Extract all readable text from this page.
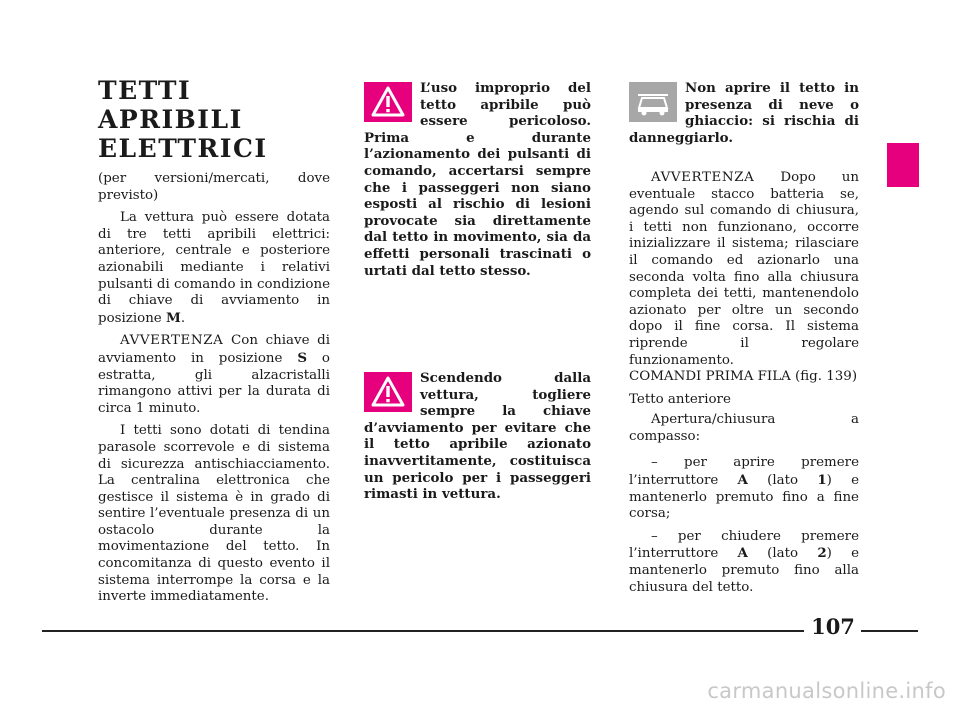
TETTI APRIBILI
ELETTRICI

(per versioni/mercati, dove previsto)

La vettura può essere dotata di tre tetti apribili elettrici: anteriore, centrale e posteriore azionabili mediante i relativi pulsanti di comando in condizione di chiave di avviamento in posizione M.

AVVERTENZA Con chiave di avviamento in posizione S o estratta, gli alzacristalli rimangono attivi per la durata di circa 1 minuto.

I tetti sono dotati di tendina parasole scorrevole e di sistema di sicurezza antischiacciamento. La centralina elettronica che gestisce il sistema è in grado di sentire l’eventuale presenza di un ostacolo durante la movimentazione del tetto. In concomitanza di questo evento il sistema interrompe la corsa e la inverte immediatamente.

L’uso improprio del tetto apribile può essere pericoloso. Prima e durante l’azionamento dei pulsanti di comando, accertarsi sempre che i passeggeri non siano esposti al rischio di lesioni provocate sia direttamente dal tetto in movimento, sia da effetti personali trascinati o urtati dal tetto stesso.
Scendendo dalla vettura, togliere sempre la chiave d’avviamento per evitare che il tetto apribile azionato inavvertitamente, costituisca un pericolo per i passeggeri rimasti in vettura.
Non aprire il tetto in presenza di neve o ghiaccio: si rischia di danneggiarlo.

AVVERTENZA Dopo un eventuale stacco batteria se, agendo sul comando di chiusura, i tetti non funzionano, occorre inizializzare il sistema; rilasciare il comando ed azionarlo una seconda volta fino alla chiusura completa dei tetti, mantenendolo azionato per oltre un secondo dopo il fine corsa. Il sistema riprende il regolare funzionamento.

COMANDI PRIMA FILA (fig. 139)

Tetto anteriore

Apertura/chiusura a compasso:

– per aprire premere l’interruttore A (lato 1) e mantenerlo premuto fino a fine corsa;

– per chiudere premere l’interruttore A (lato 2) e mantenerlo premuto fino alla chiusura del tetto.

107
carmanualsonline.info
